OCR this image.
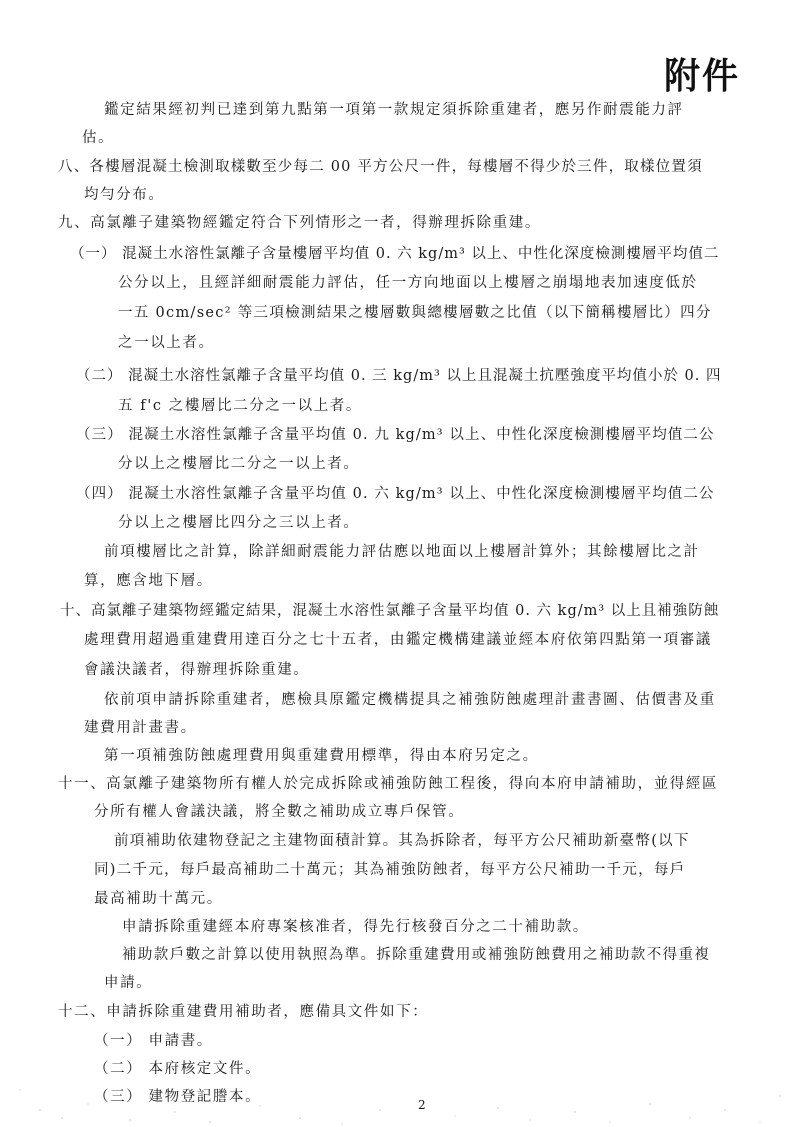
附件
鑑定結果經初判已達到第九點第一項第一款規定須拆除重建者，應另作耐震能力評
估。
八、各樓層混凝土檢測取樣數至少每二 00 平方公尺一件，每樓層不得少於三件，取樣位置須
均勻分布。
九、高氯離子建築物經鑑定符合下列情形之一者，得辦理拆除重建。
（一） 混凝土水溶性氯離子含量樓層平均值 0. 六 kg/m³ 以上、中性化深度檢測樓層平均值二
公分以上，且經詳細耐震能力評估，任一方向地面以上樓層之崩塌地表加速度低於
一五 0cm/sec² 等三項檢測結果之樓層數與總樓層數之比值（以下簡稱樓層比）四分
之一以上者。
（二） 混凝土水溶性氯離子含量平均值 0. 三 kg/m³ 以上且混凝土抗壓強度平均值小於 0. 四
五 f'c 之樓層比二分之一以上者。
（三） 混凝土水溶性氯離子含量平均值 0. 九 kg/m³ 以上、中性化深度檢測樓層平均值二公
分以上之樓層比二分之一以上者。
（四） 混凝土水溶性氯離子含量平均值 0. 六 kg/m³ 以上、中性化深度檢測樓層平均值二公
分以上之樓層比四分之三以上者。
前項樓層比之計算，除詳細耐震能力評估應以地面以上樓層計算外；其餘樓層比之計
算，應含地下層。
十、高氯離子建築物經鑑定結果，混凝土水溶性氯離子含量平均值 0. 六 kg/m³ 以上且補強防蝕
處理費用超過重建費用達百分之七十五者，由鑑定機構建議並經本府依第四點第一項審議
會議決議者，得辦理拆除重建。
依前項申請拆除重建者，應檢具原鑑定機構提具之補強防蝕處理計畫書圖、估價書及重
建費用計畫書。
第一項補強防蝕處理費用與重建費用標準，得由本府另定之。
十一、高氯離子建築物所有權人於完成拆除或補強防蝕工程後，得向本府申請補助，並得經區
分所有權人會議決議，將全數之補助成立專戶保管。
前項補助依建物登記之主建物面積計算。其為拆除者，每平方公尺補助新臺幣(以下
同)二千元，每戶最高補助二十萬元；其為補強防蝕者，每平方公尺補助一千元，每戶
最高補助十萬元。
申請拆除重建經本府專案核准者，得先行核發百分之二十補助款。
補助款戶數之計算以使用執照為準。拆除重建費用或補強防蝕費用之補助款不得重複
申請。
十二、申請拆除重建費用補助者，應備具文件如下：
（一） 申請書。
（二） 本府核定文件。
（三） 建物登記謄本。	2
